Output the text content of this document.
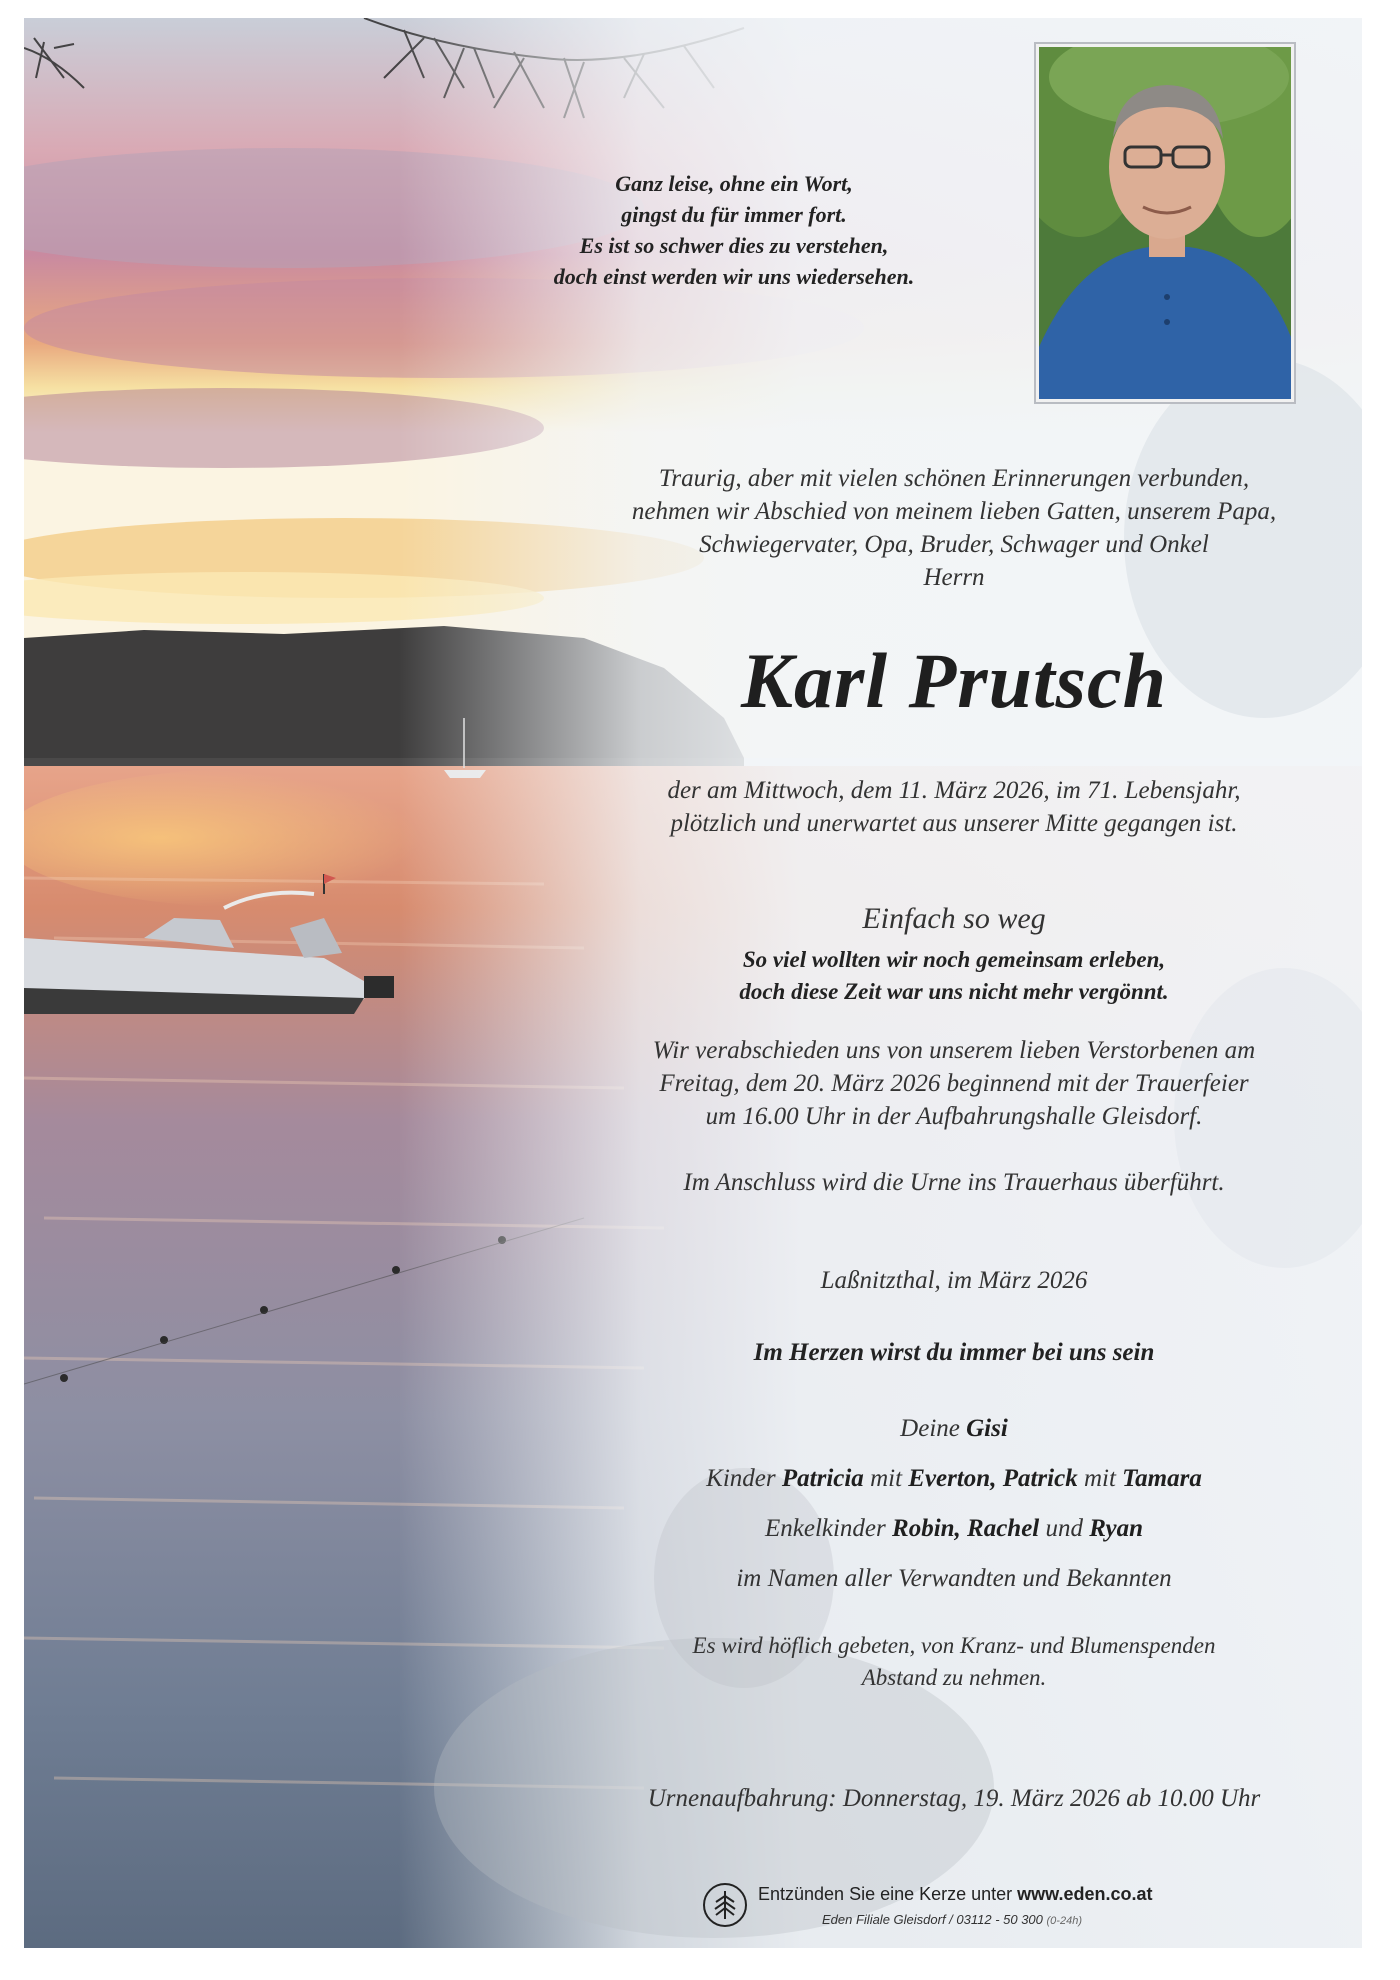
Ganz leise, ohne ein Wort,
gingst du für immer fort.
Es ist so schwer dies zu verstehen,
doch einst werden wir uns wiedersehen.
Traurig, aber mit vielen schönen Erinnerungen verbunden,
nehmen wir Abschied von meinem lieben Gatten, unserem Papa,
Schwiegervater, Opa, Bruder, Schwager und Onkel
Herrn
Karl Prutsch
der am Mittwoch, dem 11. März 2026, im 71. Lebensjahr,
plötzlich und unerwartet aus unserer Mitte gegangen ist.
Einfach so weg
So viel wollten wir noch gemeinsam erleben,
doch diese Zeit war uns nicht mehr vergönnt.
Wir verabschieden uns von unserem lieben Verstorbenen am
Freitag, dem 20. März 2026 beginnend mit der Trauerfeier
um 16.00 Uhr in der Aufbahrungshalle Gleisdorf.
Im Anschluss wird die Urne ins Trauerhaus überführt.
Laßnitzthal, im März 2026
Im Herzen wirst du immer bei uns sein
Deine Gisi
Kinder Patricia mit Everton, Patrick mit Tamara
Enkelkinder Robin, Rachel und Ryan
im Namen aller Verwandten und Bekannten
Es wird höflich gebeten, von Kranz- und Blumenspenden
Abstand zu nehmen.
Urnenaufbahrung: Donnerstag, 19. März 2026 ab 10.00 Uhr
Entzünden Sie eine Kerze unter www.eden.co.at
Eden Filiale Gleisdorf / 03112 - 50 300 (0-24h)
